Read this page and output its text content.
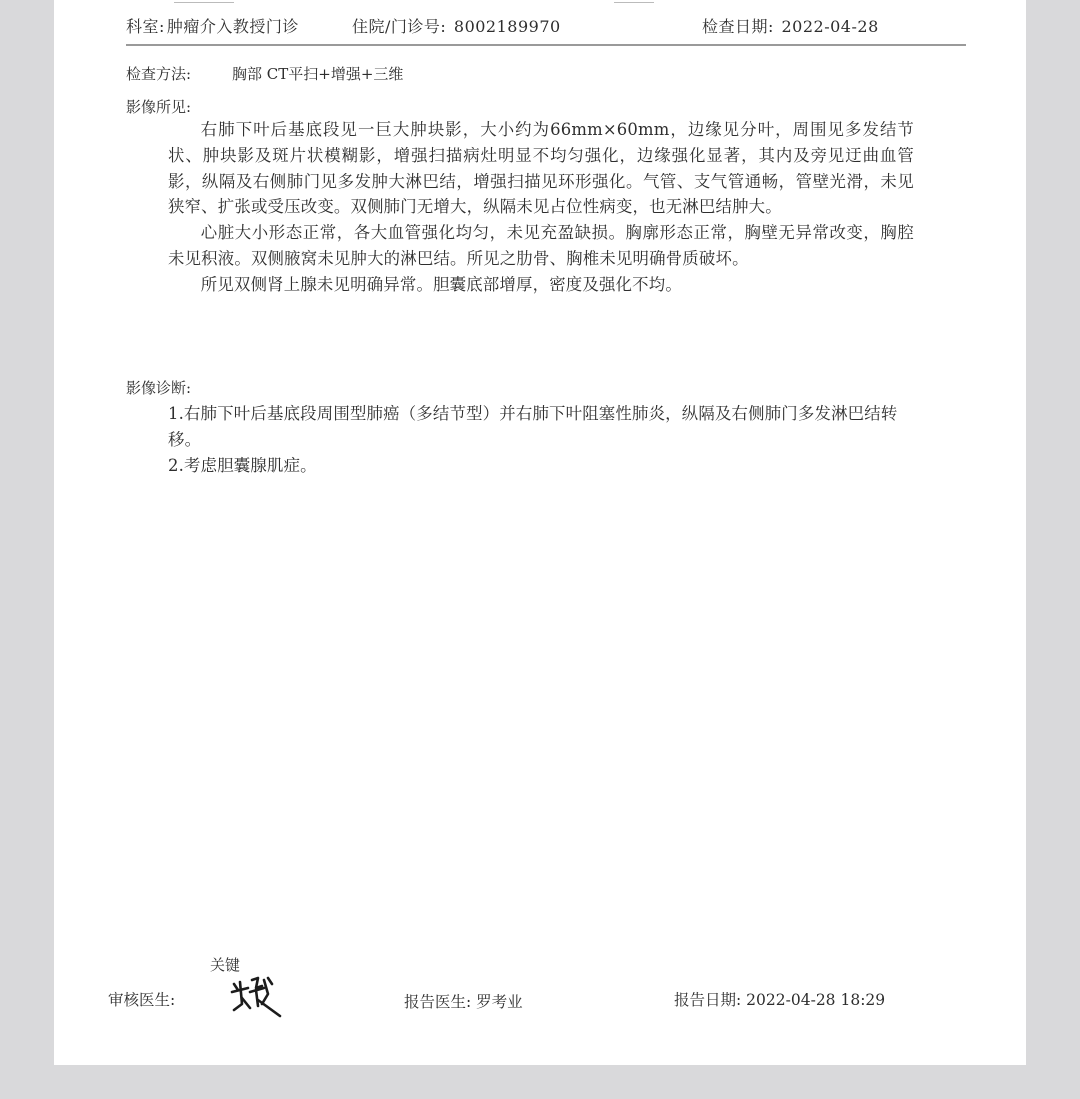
科室: 肿瘤介入教授门诊	住院/门诊号: 8002189970	检查日期: 2022-04-28
检查方法:	胸部 CT平扫+增强+三维
影像所见:

右肺下叶后基底段见一巨大肿块影，大小约为66mm×60mm，边缘见分叶，周围见多发结节状、肿块影及斑片状模糊影，增强扫描病灶明显不均匀强化，边缘强化显著，其内及旁见迂曲血管影，纵隔及右侧肺门见多发肿大淋巴结，增强扫描见环形强化。气管、支气管通畅，管壁光滑，未见狭窄、扩张或受压改变。双侧肺门无增大，纵隔未见占位性病变，也无淋巴结肿大。

心脏大小形态正常，各大血管强化均匀，未见充盈缺损。胸廓形态正常，胸壁无异常改变，胸腔未见积液。双侧腋窝未见肿大的淋巴结。所见之肋骨、胸椎未见明确骨质破坏。

所见双侧肾上腺未见明确异常。胆囊底部增厚，密度及强化不均。

影像诊断:

1.右肺下叶后基底段周围型肺癌（多结节型）并右肺下叶阻塞性肺炎，纵隔及右侧肺门多发淋巴结转移。

2.考虑胆囊腺肌症。

关键
审核医生:	报告医生: 罗考业	报告日期: 2022-04-28 18:29
